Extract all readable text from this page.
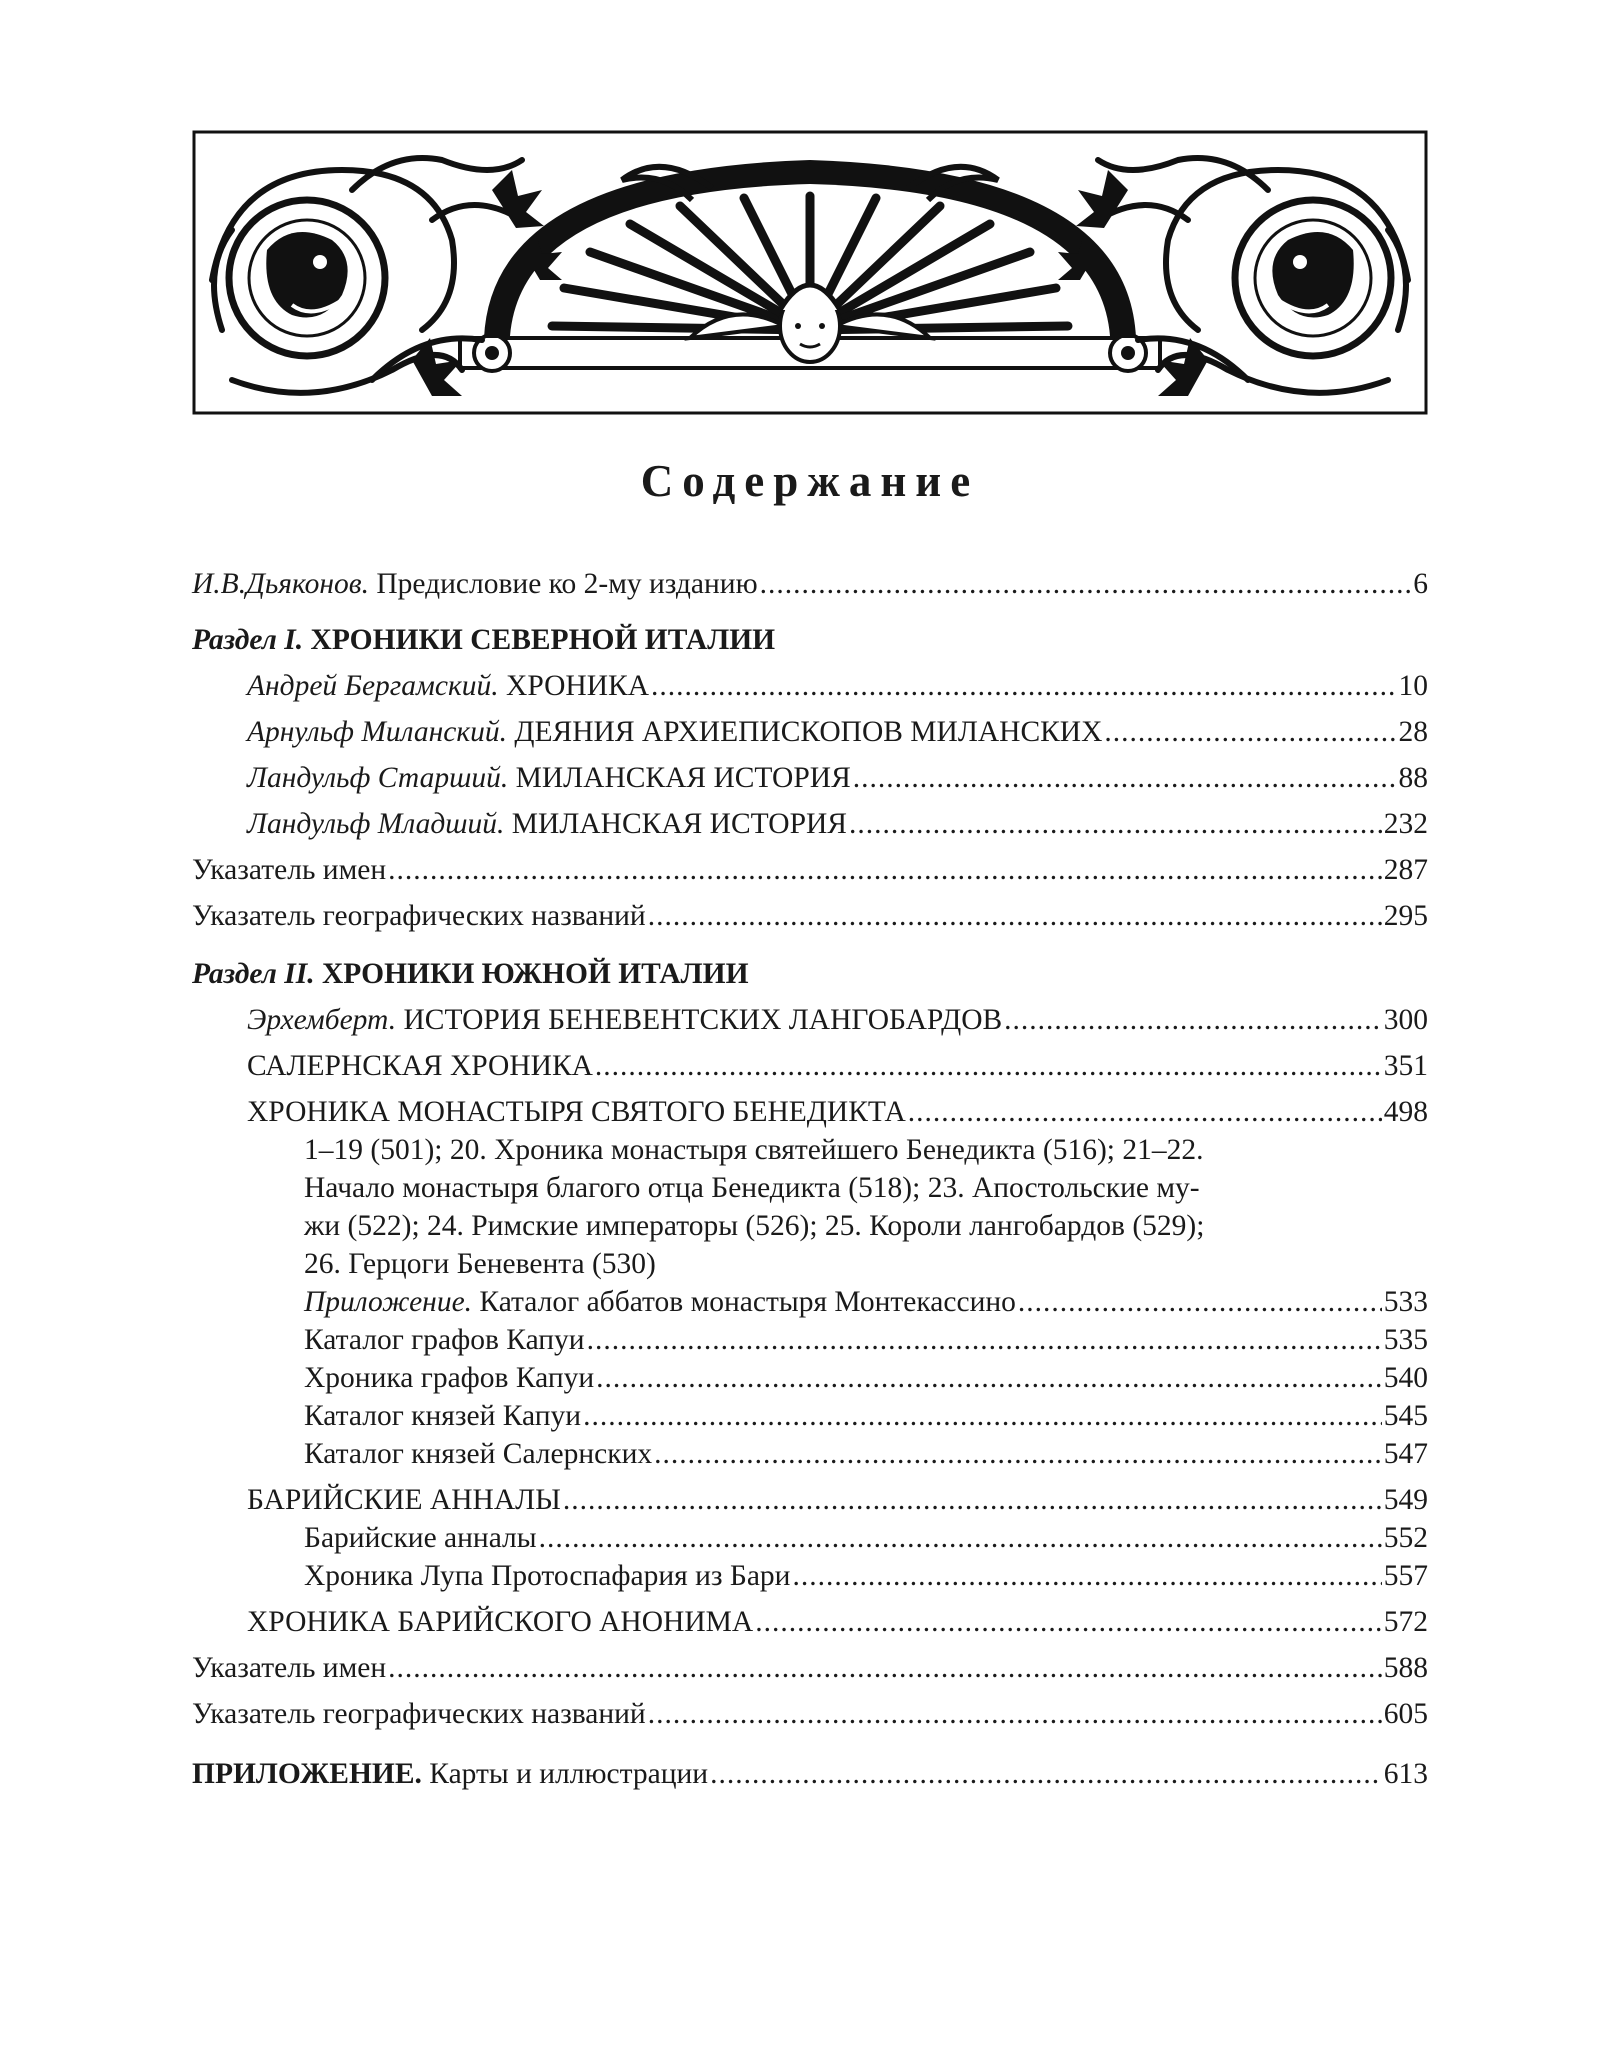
Содержание
И.В.Дьяконов. Предисловие ко 2-му изданию .....	6
Раздел I. ХРОНИКИ СЕВЕРНОЙ ИТАЛИИ
Андрей Бергамский. ХРОНИКА .....	10
Арнульф Миланский. ДЕЯНИЯ АРХИЕПИСКОПОВ МИЛАНСКИХ .....	28
Ландульф Старший. МИЛАНСКАЯ ИСТОРИЯ .....	88
Ландульф Младший. МИЛАНСКАЯ ИСТОРИЯ .....	232
Указатель имен .....	287
Указатель географических названий .....	295
Раздел II. ХРОНИКИ ЮЖНОЙ ИТАЛИИ
Эрхемберт. ИСТОРИЯ БЕНЕВЕНТСКИХ ЛАНГОБАРДОВ .....	300
САЛЕРНСКАЯ ХРОНИКА .....	351
ХРОНИКА МОНАСТЫРЯ СВЯТОГО БЕНЕДИКТА .....	498

1–19 (501); 20. Хроника монастыря святейшего Бенедикта (516); 21–22.

Начало монастыря благого отца Бенедикта (518); 23. Апостольские му-

жи (522); 24. Римские императоры (526); 25. Короли лангобардов (529);

26. Герцоги Беневента (530)

Приложение. Каталог аббатов монастыря Монтекассино .....	533
Каталог графов Капуи .....	535
Хроника графов Капуи .....	540
Каталог князей Капуи .....	545
Каталог князей Салернских .....	547
БАРИЙСКИЕ АННАЛЫ .....	549
Барийские анналы .....	552
Хроника Лупа Протоспафария из Бари .....	557
ХРОНИКА БАРИЙСКОГО АНОНИМА .....	572
Указатель имен .....	588
Указатель географических названий .....	605
ПРИЛОЖЕНИЕ. Карты и иллюстрации .....	613
